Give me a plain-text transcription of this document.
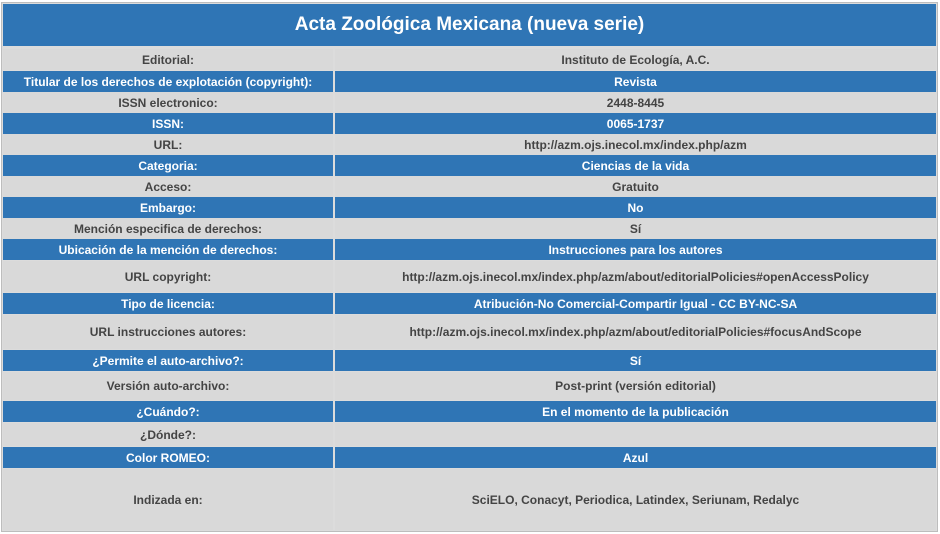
Acta Zoológica Mexicana (nueva serie)
Editorial:	Instituto de Ecología, A.C.
Titular de los derechos de explotación (copyright):	Revista
ISSN electronico:	2448-8445
ISSN:	0065-1737
URL:	http://azm.ojs.inecol.mx/index.php/azm
Categoria:	Ciencias de la vida
Acceso:	Gratuito
Embargo:	No
Mención especifica de derechos:	Sí
Ubicación de la mención de derechos:	Instrucciones para los autores
URL copyright:	http://azm.ojs.inecol.mx/index.php/azm/about/editorialPolicies#openAccessPolicy
Tipo de licencia:	Atribución-No Comercial-Compartir Igual - CC BY-NC-SA
URL instrucciones autores:	http://azm.ojs.inecol.mx/index.php/azm/about/editorialPolicies#focusAndScope
¿Permite el auto-archivo?:	Sí
Versión auto-archivo:	Post-print (versión editorial)
¿Cuándo?:	En el momento de la publicación
¿Dónde?:
Color ROMEO:	Azul
Indizada en:	SciELO, Conacyt, Periodica, Latindex, Seriunam, Redalyc
